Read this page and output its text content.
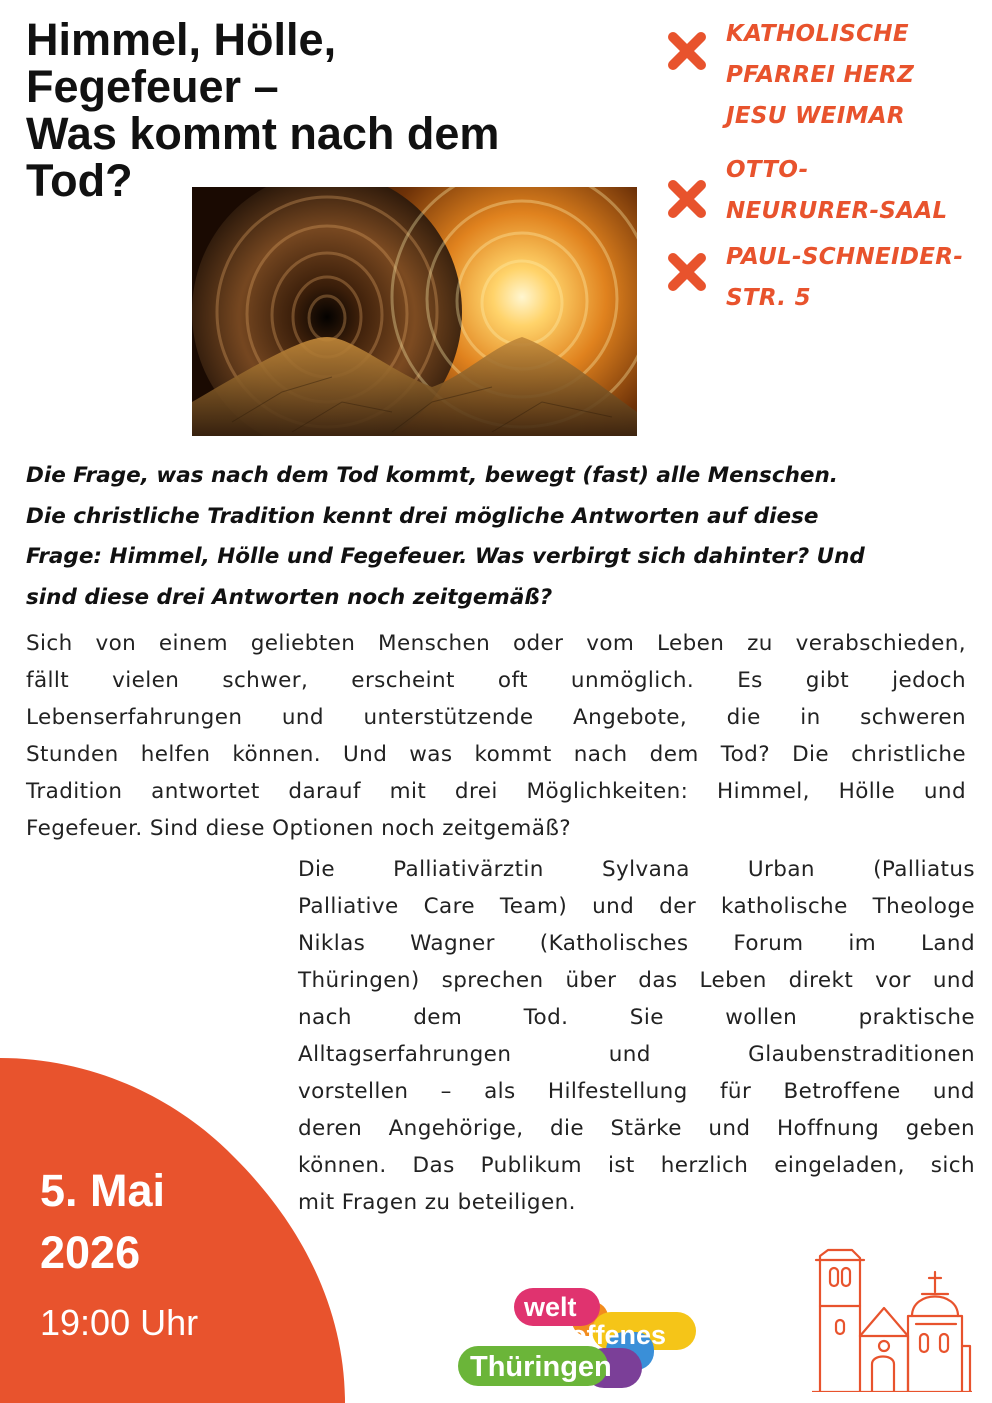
Himmel, Hölle,
Fegefeuer –
Was kommt nach dem
Tod?
KATHOLISCHE
PFARREI HERZ
JESU WEIMAR
OTTO-
NEURURER-SAAL
PAUL-SCHNEIDER-
STR. 5

Die Frage, was nach dem Tod kommt, bewegt (fast) alle Menschen.
Die christliche Tradition kennt drei mögliche Antworten auf diese
Frage: Himmel, Hölle und Fegefeuer. Was verbirgt sich dahinter? Und
sind diese drei Antworten noch zeitgemäß?

Sich von einem geliebten Menschen oder vom Leben zu verabschieden,
fällt vielen schwer, erscheint oft unmöglich. Es gibt jedoch
Lebenserfahrungen und unterstützende Angebote, die in schweren
Stunden helfen können. Und was kommt nach dem Tod? Die christliche
Tradition antwortet darauf mit drei Möglichkeiten: Himmel, Hölle und
Fegefeuer. Sind diese Optionen noch zeitgemäß?

Die Palliativärztin Sylvana Urban (Palliatus
Palliative Care Team) und der katholische Theologe
Niklas Wagner (Katholisches Forum im Land
Thüringen) sprechen über das Leben direkt vor und
nach dem Tod. Sie wollen praktische
Alltagserfahrungen und Glaubenstraditionen
vorstellen – als Hilfestellung für Betroffene und
deren Angehörige, die Stärke und Hoffnung geben
können. Das Publikum ist herzlich eingeladen, sich
mit Fragen zu beteiligen.

5. Mai
2026

19:00 Uhr	welt
offenes
Thüringen
